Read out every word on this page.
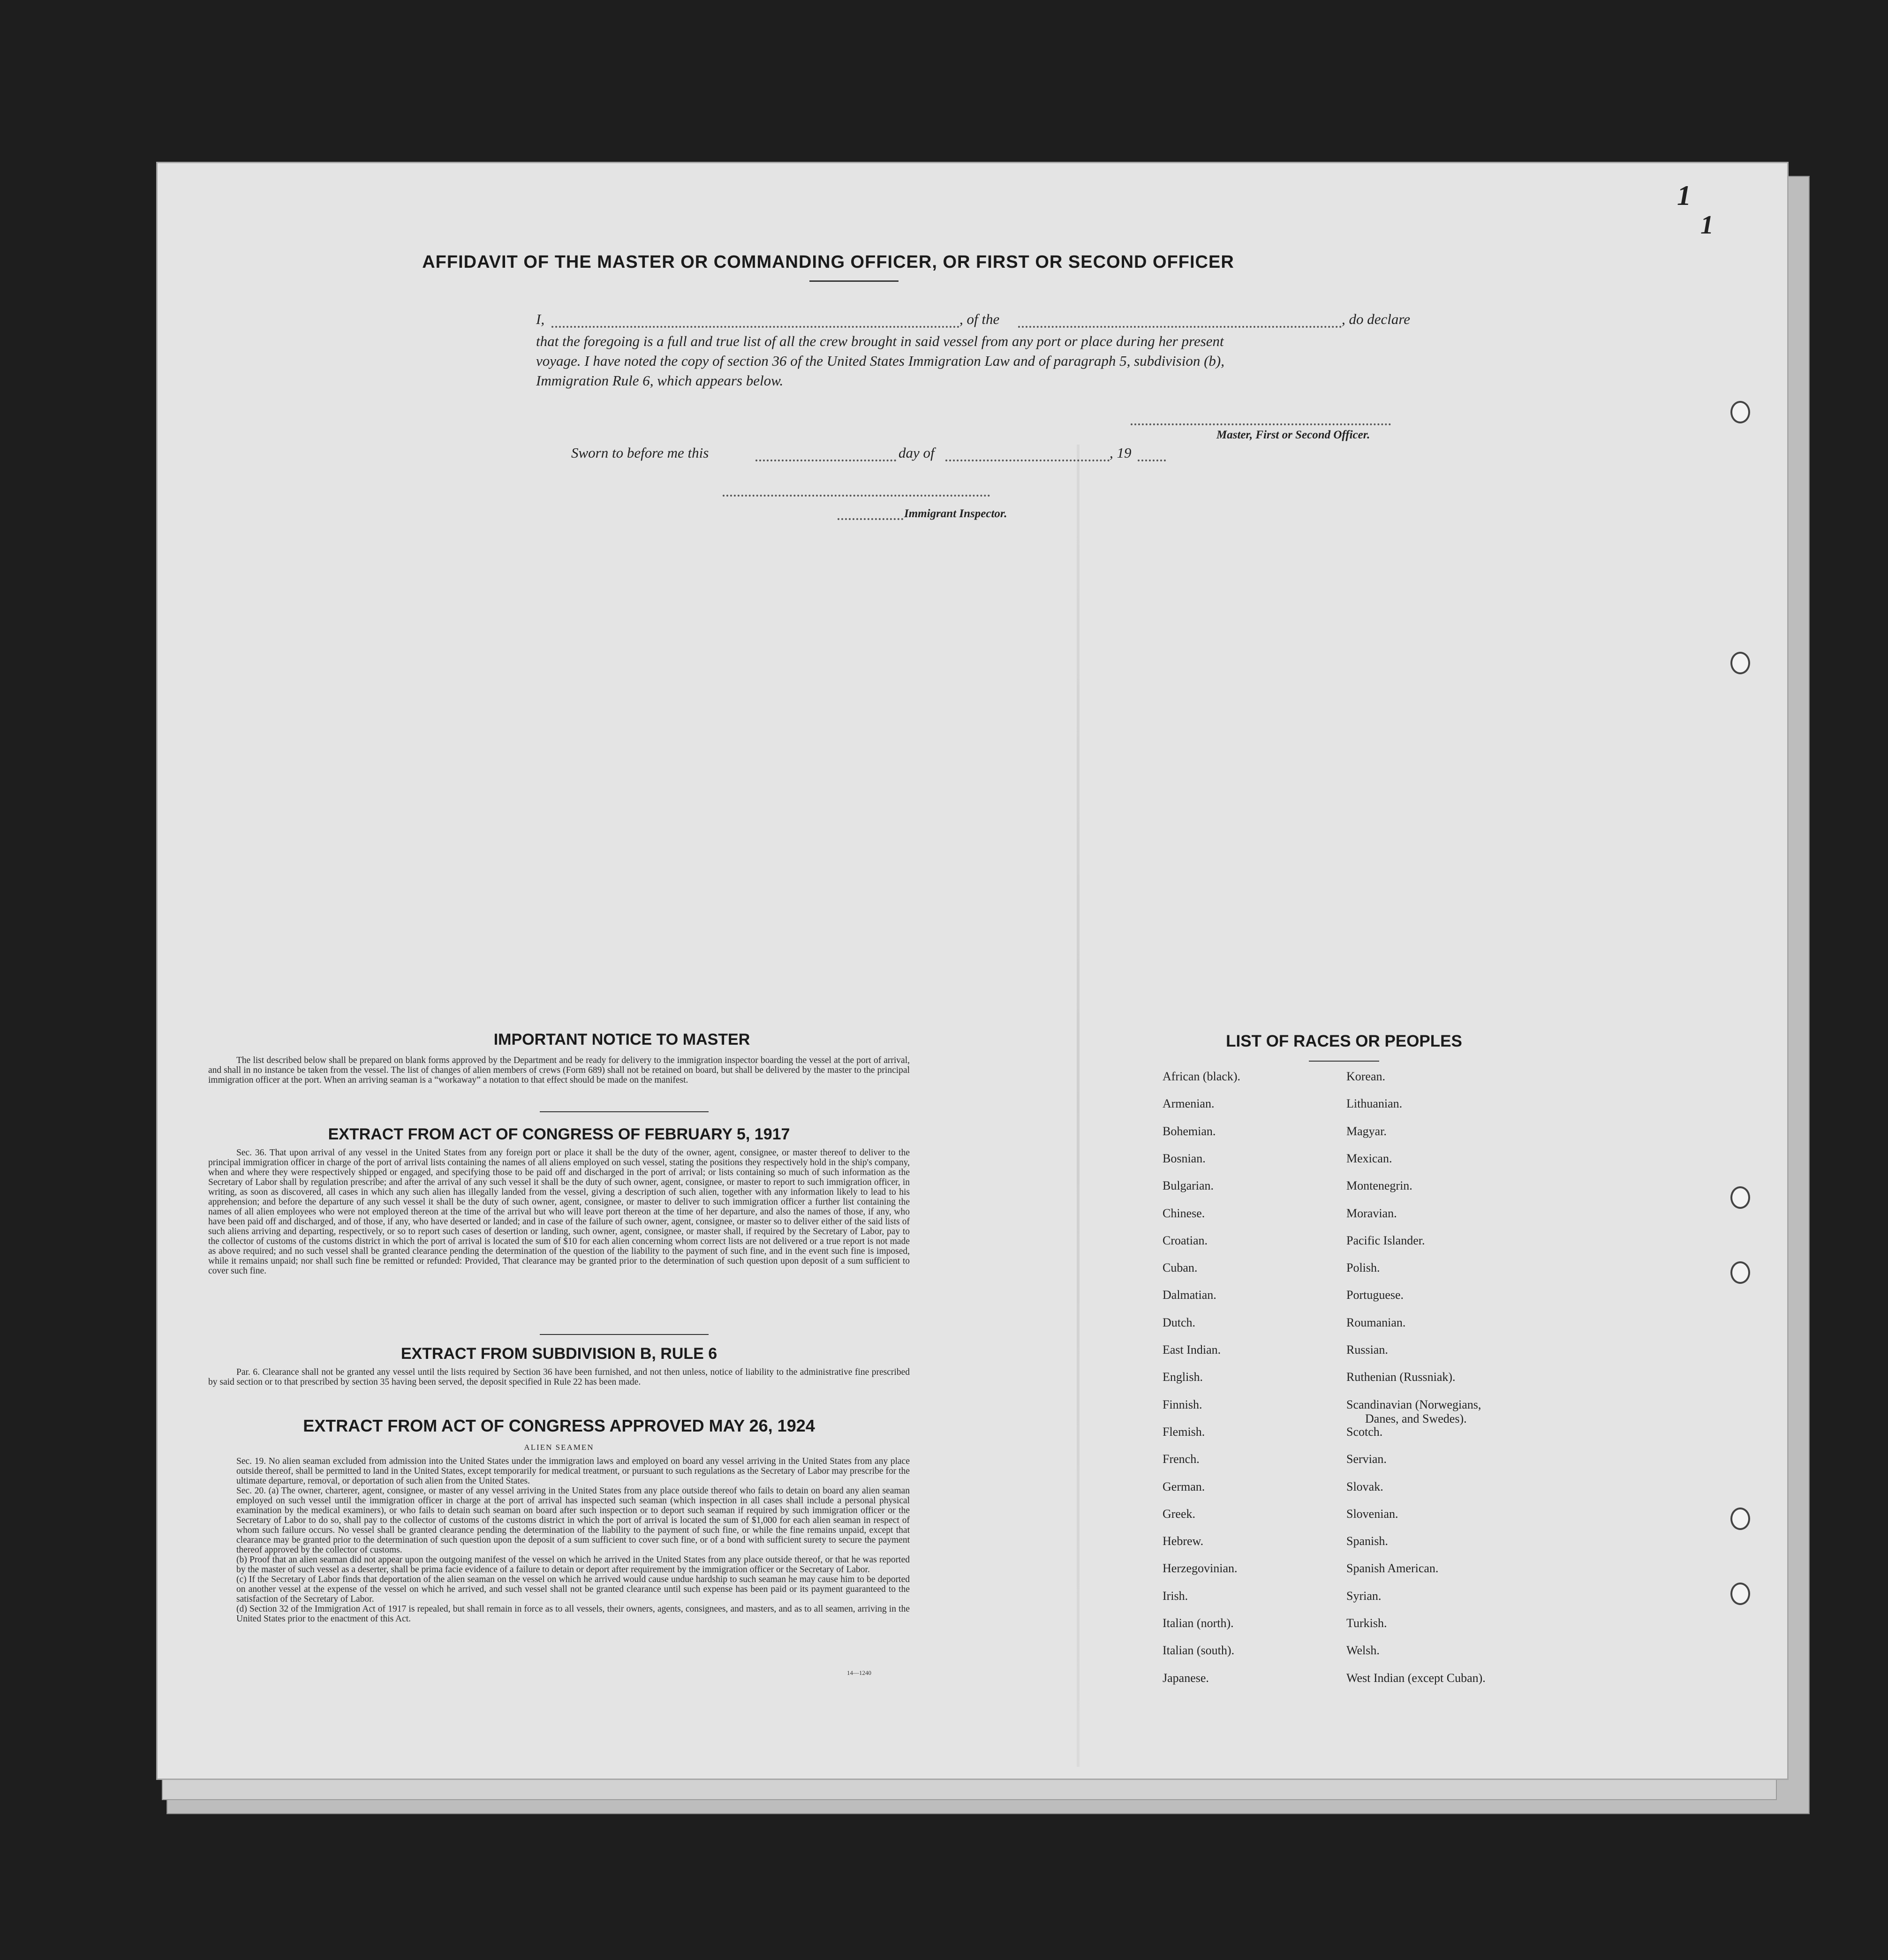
AFFIDAVIT OF THE MASTER OR COMMANDING OFFICER, OR FIRST OR SECOND OFFICER
I,	, of the	, do declare
that the foregoing is a full and true list of all the crew brought in said vessel from any port or place during her present
voyage. I have noted the copy of section 36 of the United States Immigration Law and of paragraph 5, subdivision (b),
Immigration Rule 6, which appears below.
Master, First or Second Officer.
Sworn to before me this	day of	, 19
Immigrant Inspector.
IMPORTANT NOTICE TO MASTER
The list described below shall be prepared on blank forms approved by the Department and be ready for delivery to the immigration inspector boarding the vessel at the port of arrival, and shall in no instance be taken from the vessel. The list of changes of alien members of crews (Form 689) shall not be retained on board, but shall be delivered by the master to the principal immigration officer at the port. When an arriving seaman is a “workaway” a notation to that effect should be made on the manifest.
EXTRACT FROM ACT OF CONGRESS OF FEBRUARY 5, 1917
Sec. 36. That upon arrival of any vessel in the United States from any foreign port or place it shall be the duty of the owner, agent, consignee, or master thereof to deliver to the principal immigration officer in charge of the port of arrival lists containing the names of all aliens employed on such vessel, stating the positions they respectively hold in the ship's company, when and where they were respectively shipped or engaged, and specifying those to be paid off and discharged in the port of arrival; or lists containing so much of such information as the Secretary of Labor shall by regulation prescribe; and after the arrival of any such vessel it shall be the duty of such owner, agent, consignee, or master to report to such immigration officer, in writing, as soon as discovered, all cases in which any such alien has illegally landed from the vessel, giving a description of such alien, together with any information likely to lead to his apprehension; and before the departure of any such vessel it shall be the duty of such owner, agent, consignee, or master to deliver to such immigration officer a further list containing the names of all alien employees who were not employed thereon at the time of the arrival but who will leave port thereon at the time of her departure, and also the names of those, if any, who have been paid off and discharged, and of those, if any, who have deserted or landed; and in case of the failure of such owner, agent, consignee, or master so to deliver either of the said lists of such aliens arriving and departing, respectively, or so to report such cases of desertion or landing, such owner, agent, consignee, or master shall, if required by the Secretary of Labor, pay to the collector of customs of the customs district in which the port of arrival is located the sum of $10 for each alien concerning whom correct lists are not delivered or a true report is not made as above required; and no such vessel shall be granted clearance pending the determination of the question of the liability to the payment of such fine, and in the event such fine is imposed, while it remains unpaid; nor shall such fine be remitted or refunded: Provided, That clearance may be granted prior to the determination of such question upon deposit of a sum sufficient to cover such fine.
EXTRACT FROM SUBDIVISION B, RULE 6
Par. 6. Clearance shall not be granted any vessel until the lists required by Section 36 have been furnished, and not then unless, notice of liability to the administrative fine prescribed by said section or to that prescribed by section 35 having been served, the deposit specified in Rule 22 has been made.
EXTRACT FROM ACT OF CONGRESS APPROVED MAY 26, 1924
ALIEN SEAMEN
Sec. 19. No alien seaman excluded from admission into the United States under the immigration laws and employed on board any vessel arriving in the United States from any place outside thereof, shall be permitted to land in the United States, except temporarily for medical treatment, or pursuant to such regulations as the Secretary of Labor may prescribe for the ultimate departure, removal, or deportation of such alien from the United States.
Sec. 20. (a) The owner, charterer, agent, consignee, or master of any vessel arriving in the United States from any place outside thereof who fails to detain on board any alien seaman employed on such vessel until the immigration officer in charge at the port of arrival has inspected such seaman (which inspection in all cases shall include a personal physical examination by the medical examiners), or who fails to detain such seaman on board after such inspection or to deport such seaman if required by such immigration officer or the Secretary of Labor to do so, shall pay to the collector of customs of the customs district in which the port of arrival is located the sum of $1,000 for each alien seaman in respect of whom such failure occurs. No vessel shall be granted clearance pending the determination of the liability to the payment of such fine, or while the fine remains unpaid, except that clearance may be granted prior to the determination of such question upon the deposit of a sum sufficient to cover such fine, or of a bond with sufficient surety to secure the payment thereof approved by the collector of customs.
(b) Proof that an alien seaman did not appear upon the outgoing manifest of the vessel on which he arrived in the United States from any place outside thereof, or that he was reported by the master of such vessel as a deserter, shall be prima facie evidence of a failure to detain or deport after requirement by the immigration officer or the Secretary of Labor.
(c) If the Secretary of Labor finds that deportation of the alien seaman on the vessel on which he arrived would cause undue hardship to such seaman he may cause him to be deported on another vessel at the expense of the vessel on which he arrived, and such vessel shall not be granted clearance until such expense has been paid or its payment guaranteed to the satisfaction of the Secretary of Labor.
(d) Section 32 of the Immigration Act of 1917 is repealed, but shall remain in force as to all vessels, their owners, agents, consignees, and masters, and as to all seamen, arriving in the United States prior to the enactment of this Act.
14—1240
LIST OF RACES OR PEOPLES
African (black).
Armenian.
Bohemian.
Bosnian.
Bulgarian.
Chinese.
Croatian.
Cuban.
Dalmatian.
Dutch.
East Indian.
English.
Finnish.
Flemish.
French.
German.
Greek.
Hebrew.
Herzegovinian.
Irish.
Italian (north).
Italian (south).
Japanese.
Korean.
Lithuanian.
Magyar.
Mexican.
Montenegrin.
Moravian.
Pacific Islander.
Polish.
Portuguese.
Roumanian.
Russian.
Ruthenian (Russniak).
Scandinavian (Norwegians,
Danes, and Swedes).
Scotch.
Servian.
Slovak.
Slovenian.
Spanish.
Spanish American.
Syrian.
Turkish.
Welsh.
West Indian (except Cuban).
1
1
